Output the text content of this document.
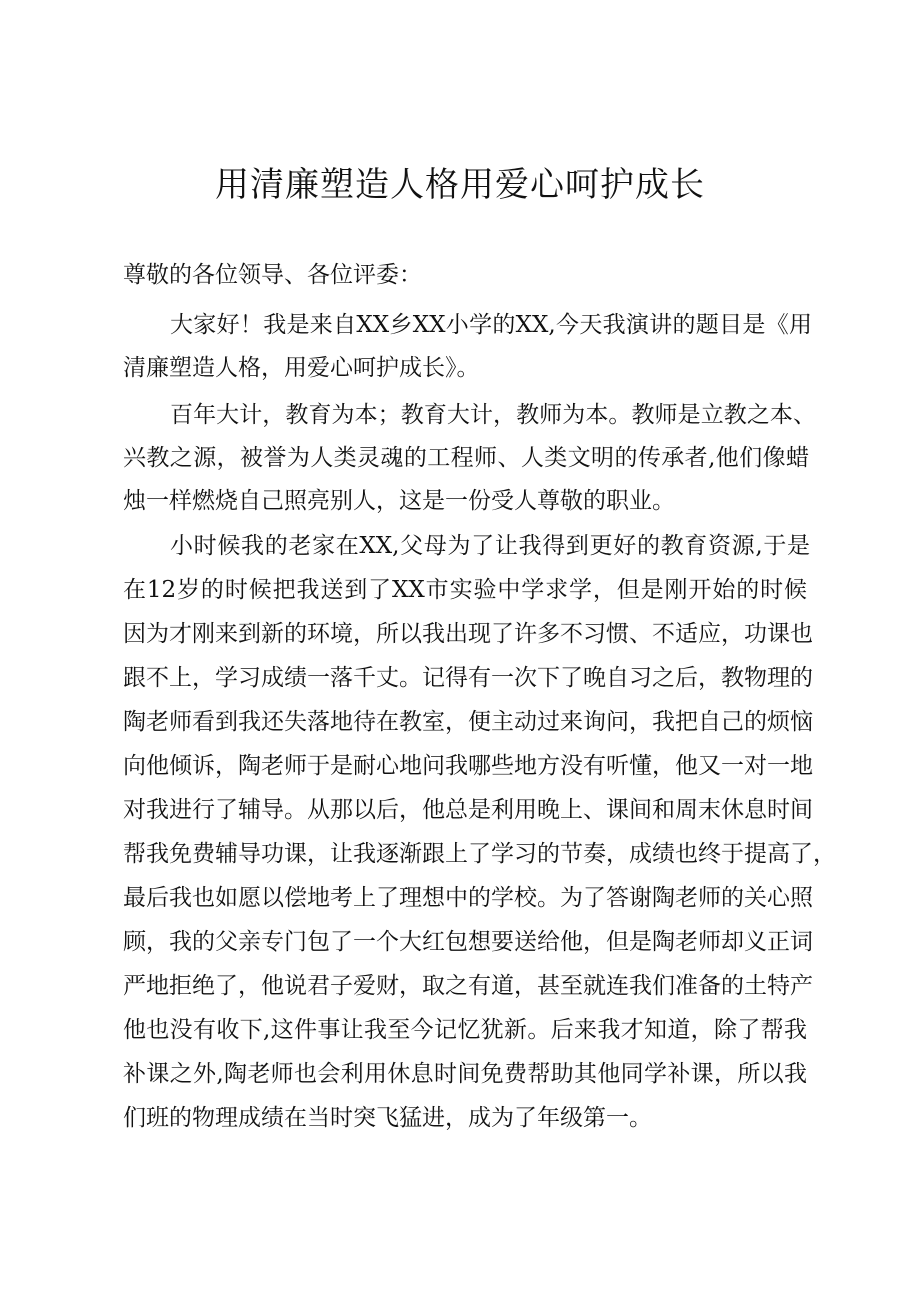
用清廉塑造人格用爱心呵护成长
尊敬的各位领导、各位评委：
大家好！我是来自XX乡XX小学的XX,今天我演讲的题目是《用
清廉塑造人格，用爱心呵护成长》。
百年大计，教育为本；教育大计，教师为本。教师是立教之本、
兴教之源，被誉为人类灵魂的工程师、人类文明的传承者,他们像蜡
烛一样燃烧自己照亮别人，这是一份受人尊敬的职业。
小时候我的老家在XX,父母为了让我得到更好的教育资源,于是
在12岁的时候把我送到了XX市实验中学求学，但是刚开始的时候
因为才刚来到新的环境，所以我出现了许多不习惯、不适应，功课也
跟不上，学习成绩一落千丈。记得有一次下了晚自习之后，教物理的
陶老师看到我还失落地待在教室，便主动过来询问，我把自己的烦恼
向他倾诉，陶老师于是耐心地问我哪些地方没有听懂，他又一对一地
对我进行了辅导。从那以后，他总是利用晚上、课间和周末休息时间
帮我免费辅导功课，让我逐渐跟上了学习的节奏，成绩也终于提高了，
最后我也如愿以偿地考上了理想中的学校。为了答谢陶老师的关心照
顾，我的父亲专门包了一个大红包想要送给他，但是陶老师却义正词
严地拒绝了，他说君子爱财，取之有道，甚至就连我们准备的土特产
他也没有收下,这件事让我至今记忆犹新。后来我才知道，除了帮我
补课之外,陶老师也会利用休息时间免费帮助其他同学补课，所以我
们班的物理成绩在当时突飞猛进，成为了年级第一。
